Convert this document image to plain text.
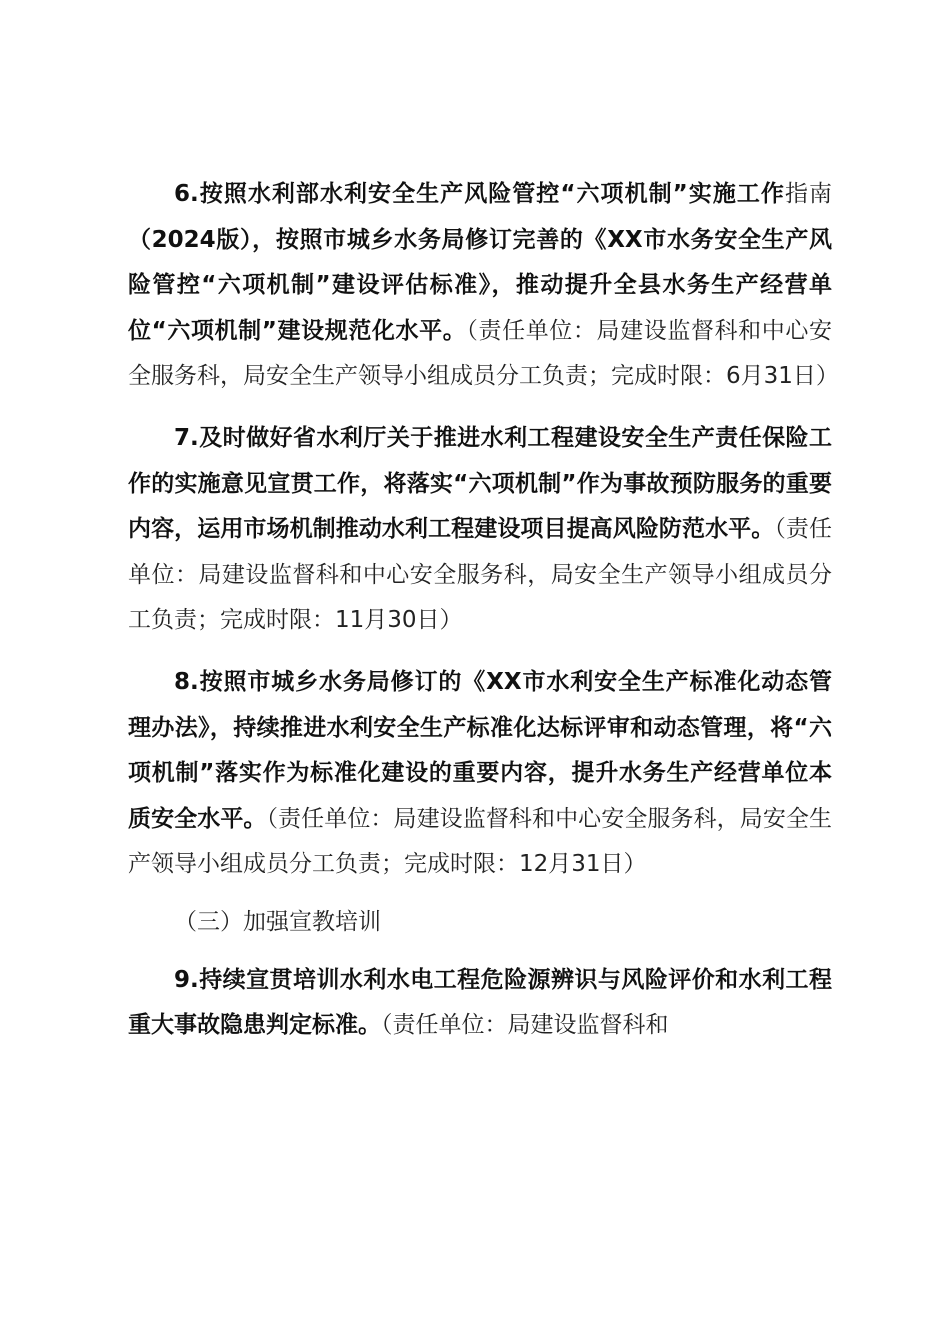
6.按照水利部水利安全生产风险管控“六项机制”实施工作指南（2024版），按照市城乡水务局修订完善的《XX市水务安全生产风险管控“六项机制”建设评估标准》，推动提升全县水务生产经营单位“六项机制”建设规范化水平。（责任单位：局建设监督科和中心安全服务科，局安全生产领导小组成员分工负责；完成时限：6月31日）

7.及时做好省水利厅关于推进水利工程建设安全生产责任保险工作的实施意见宣贯工作，将落实“六项机制”作为事故预防服务的重要内容，运用市场机制推动水利工程建设项目提高风险防范水平。（责任单位：局建设监督科和中心安全服务科，局安全生产领导小组成员分工负责；完成时限：11月30日）

8.按照市城乡水务局修订的《XX市水利安全生产标准化动态管理办法》，持续推进水利安全生产标准化达标评审和动态管理，将“六项机制”落实作为标准化建设的重要内容，提升水务生产经营单位本质安全水平。（责任单位：局建设监督科和中心安全服务科，局安全生产领导小组成员分工负责；完成时限：12月31日）

（三）加强宣教培训

9.持续宣贯培训水利水电工程危险源辨识与风险评价和水利工程重大事故隐患判定标准。（责任单位：局建设监督科和
